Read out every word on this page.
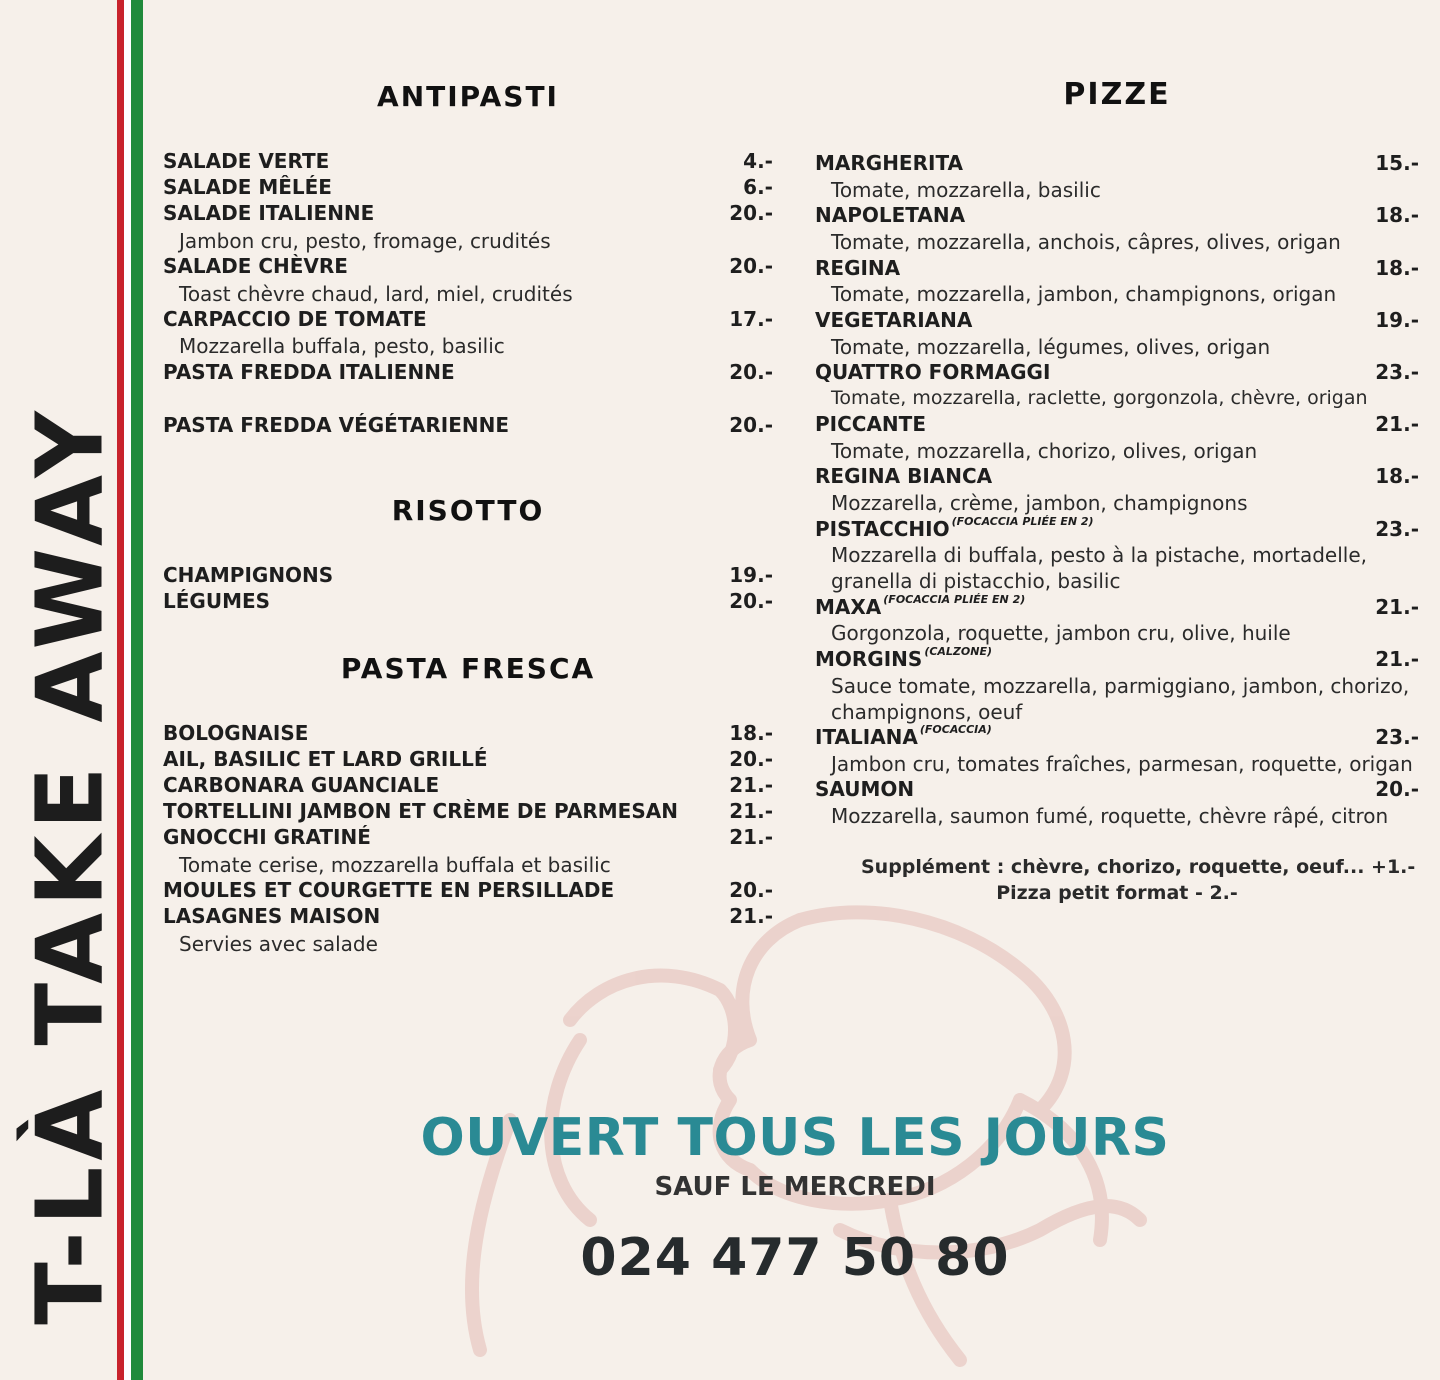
T-LÀ TAKE AWAY
ANTIPASTI
SALADE VERTE	4.-
SALADE MÊLÉE	6.-
SALADE ITALIENNE	20.-
Jambon cru, pesto, fromage, crudités
SALADE CHÈVRE	20.-
Toast chèvre chaud, lard, miel, crudités
CARPACCIO DE TOMATE	17.-
Mozzarella buffala, pesto, basilic
PASTA FREDDA ITALIENNE	20.-
PASTA FREDDA VÉGÉTARIENNE	20.-
RISOTTO
CHAMPIGNONS	19.-
LÉGUMES	20.-
PASTA FRESCA
BOLOGNAISE	18.-
AIL, BASILIC ET LARD GRILLÉ	20.-
CARBONARA GUANCIALE	21.-
TORTELLINI JAMBON ET CRÈME DE PARMESAN	21.-
GNOCCHI GRATINÉ	21.-
Tomate cerise, mozzarella buffala et basilic
MOULES ET COURGETTE EN PERSILLADE	20.-
LASAGNES MAISON	21.-
Servies avec salade
PIZZE
MARGHERITA	15.-
Tomate, mozzarella, basilic
NAPOLETANA	18.-
Tomate, mozzarella, anchois, câpres, olives, origan
REGINA	18.-
Tomate, mozzarella, jambon, champignons, origan
VEGETARIANA	19.-
Tomate, mozzarella, légumes, olives, origan
QUATTRO FORMAGGI	23.-
Tomate, mozzarella, raclette, gorgonzola, chèvre, origan
PICCANTE	21.-
Tomate, mozzarella, chorizo, olives, origan
REGINA BIANCA	18.-
Mozzarella, crème, jambon, champignons
PISTACCHIO $^{(FOCACCIA PLIÉE EN 2)}$	23.-
Mozzarella di buffala, pesto à la pistache, mortadelle,
granella di pistacchio, basilic
MAXA $^{(FOCACCIA PLIÉE EN 2)}$	21.-
Gorgonzola, roquette, jambon cru, olive, huile
MORGINS $^{(CALZONE)}$	21.-
Sauce tomate, mozzarella, parmiggiano, jambon, chorizo,
champignons, oeuf
ITALIANA $^{(FOCACCIA)}$	23.-
Jambon cru, tomates fraîches, parmesan, roquette, origan
SAUMON	20.-
Mozzarella, saumon fumé, roquette, chèvre râpé, citron
Supplément : chèvre, chorizo, roquette, oeuf... +1.-
Pizza petit format - 2.-
OUVERT TOUS LES JOURS
SAUF LE MERCREDI
024 477 50 80
